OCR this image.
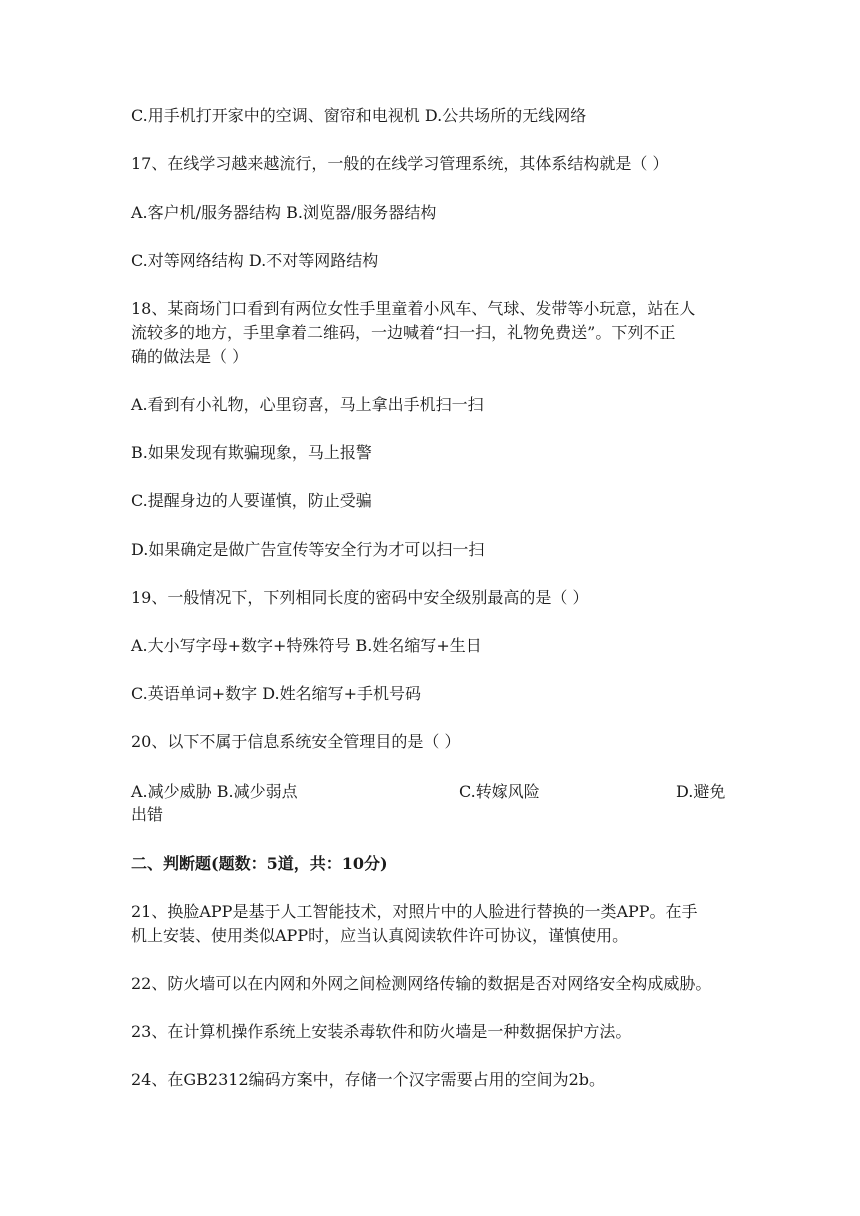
C.用手机打开家中的空调、窗帘和电视机 D.公共场所的无线网络
17、在线学习越来越流行，一般的在线学习管理系统，其体系结构就是（ ）
A.客户机/服务器结构 B.浏览器/服务器结构
C.对等网络结构 D.不对等网路结构
18、某商场门口看到有两位女性手里童着小风车、气球、发带等小玩意，站在人
流较多的地方，手里拿着二维码，一边喊着“扫一扫，礼物免费送”。下列不正
确的做法是（ ）
A.看到有小礼物，心里窃喜，马上拿出手机扫一扫
B.如果发现有欺骗现象，马上报警
C.提醒身边的人要谨慎，防止受骗
D.如果确定是做广告宣传等安全行为才可以扫一扫
19、一般情况下，下列相同长度的密码中安全级别最高的是（ ）
A.大小写字母+数字+特殊符号 B.姓名缩写+生日
C.英语单词+数字 D.姓名缩写+手机号码
20、以下不属于信息系统安全管理目的是（ ）
A.减少威胁 B.减少弱点	C.转嫁风险	D.避免
出错
二、判断题(题数：5道，共：10分)
21、换脸APP是基于人工智能技术，对照片中的人脸进行替换的一类APP。在手
机上安装、使用类似APP时，应当认真阅读软件许可协议，谨慎使用。
22、防火墙可以在内网和外网之间检测网络传输的数据是否对网络安全构成威胁。
23、在计算机操作系统上安装杀毒软件和防火墙是一种数据保护方法。
24、在GB2312编码方案中，存储一个汉字需要占用的空间为2b。
